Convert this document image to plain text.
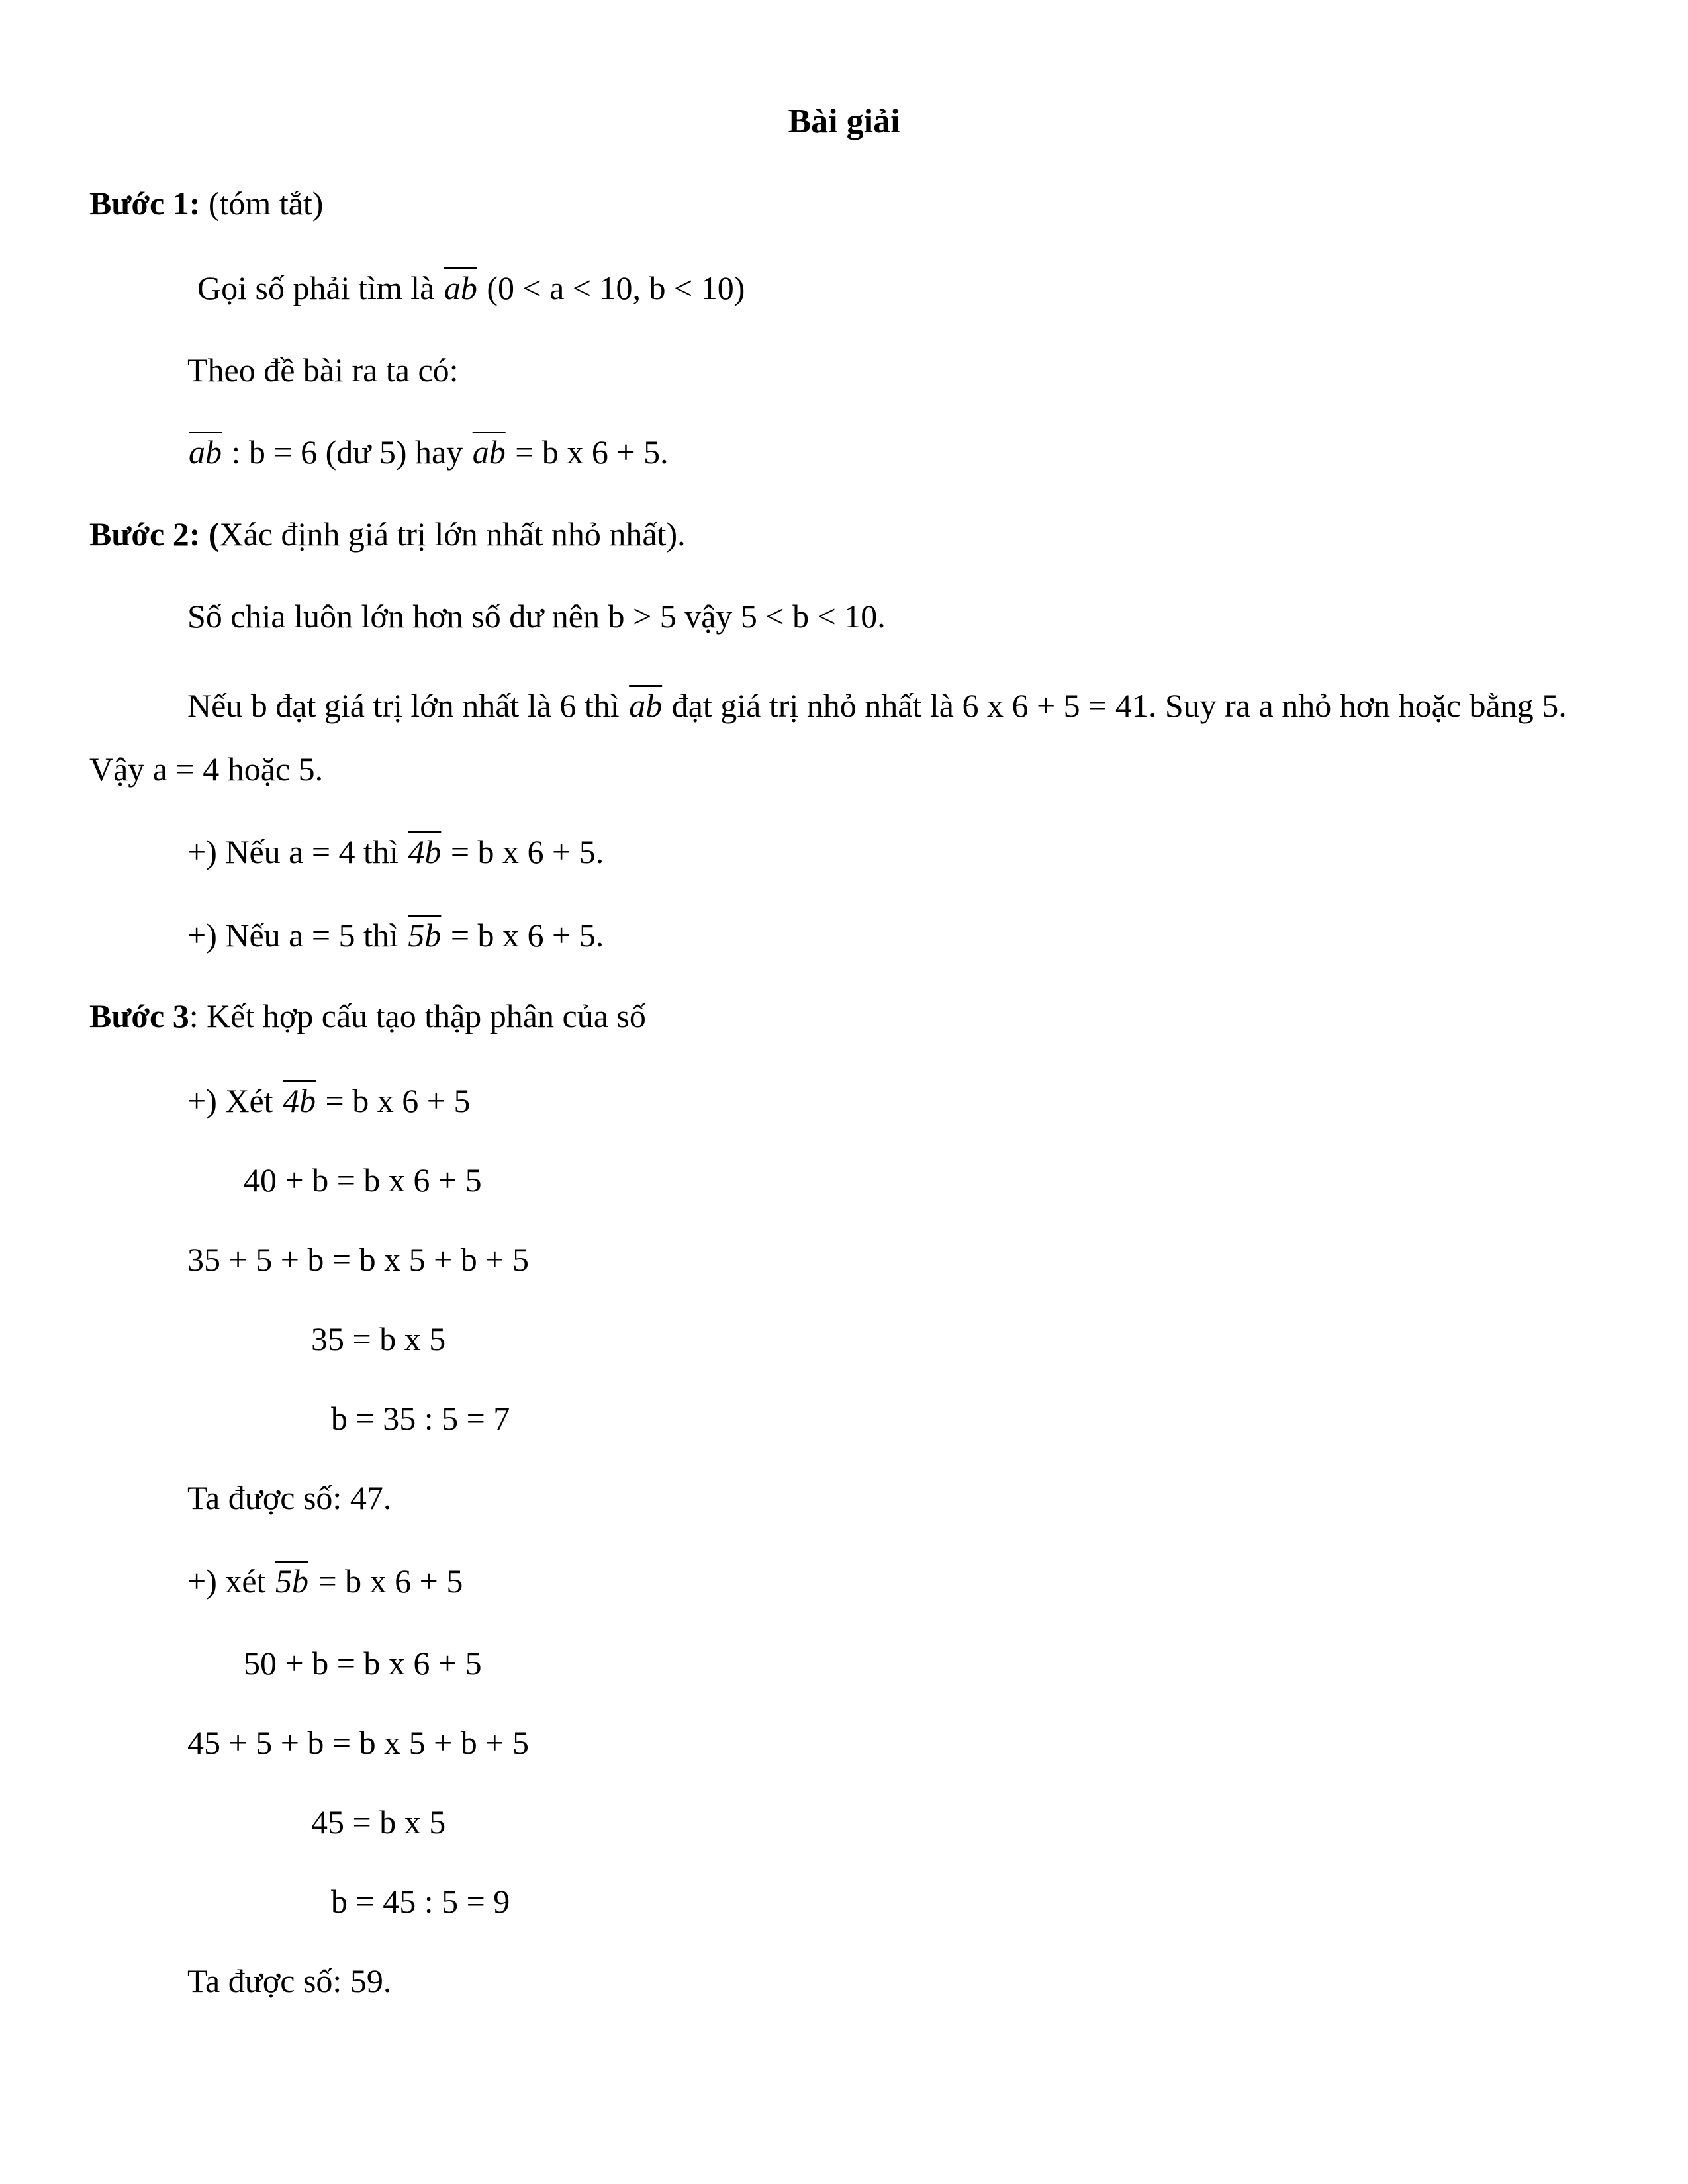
Bài giải
Bước 1: (tóm tắt)
Gọi số phải tìm là $\overline{ab}$ (0 < a < 10, b < 10)
Theo đề bài ra ta có:
$\overline{ab}$ : b = 6 (dư 5) hay $\overline{ab} = b$ x 6 + 5.
Bước 2: (Xác định giá trị lớn nhất nhỏ nhất).
Số chia luôn lớn hơn số dư nên b > 5 vậy 5 < b < 10.
Nếu b đạt giá trị lớn nhất là 6 thì $\overline{ab}$ đạt giá trị nhỏ nhất là 6 x 6 + 5 = 41. Suy ra a nhỏ hơn hoặc bằng 5. Vậy a = 4 hoặc 5.
+) Nếu a = 4 thì 4b = b x 6 + 5.
+) Nếu a = 5 thì 5b = b x 6 + 5.
Bước 3: Kết hợp cấu tạo thập phân của số
+) Xét 4b = b x 6 + 5
40 + b = b x 6 + 5
35 + 5 + b = b x 5 + b + 5
35 = b x 5
b = 35 : 5 = 7
Ta được số: 47.
+) xét 5b = b x 6 + 5
50 + b = b x 6 + 5
45 + 5 + b = b x 5 + b + 5
45 = b x 5
b = 45 : 5 = 9
Ta được số: 59.
